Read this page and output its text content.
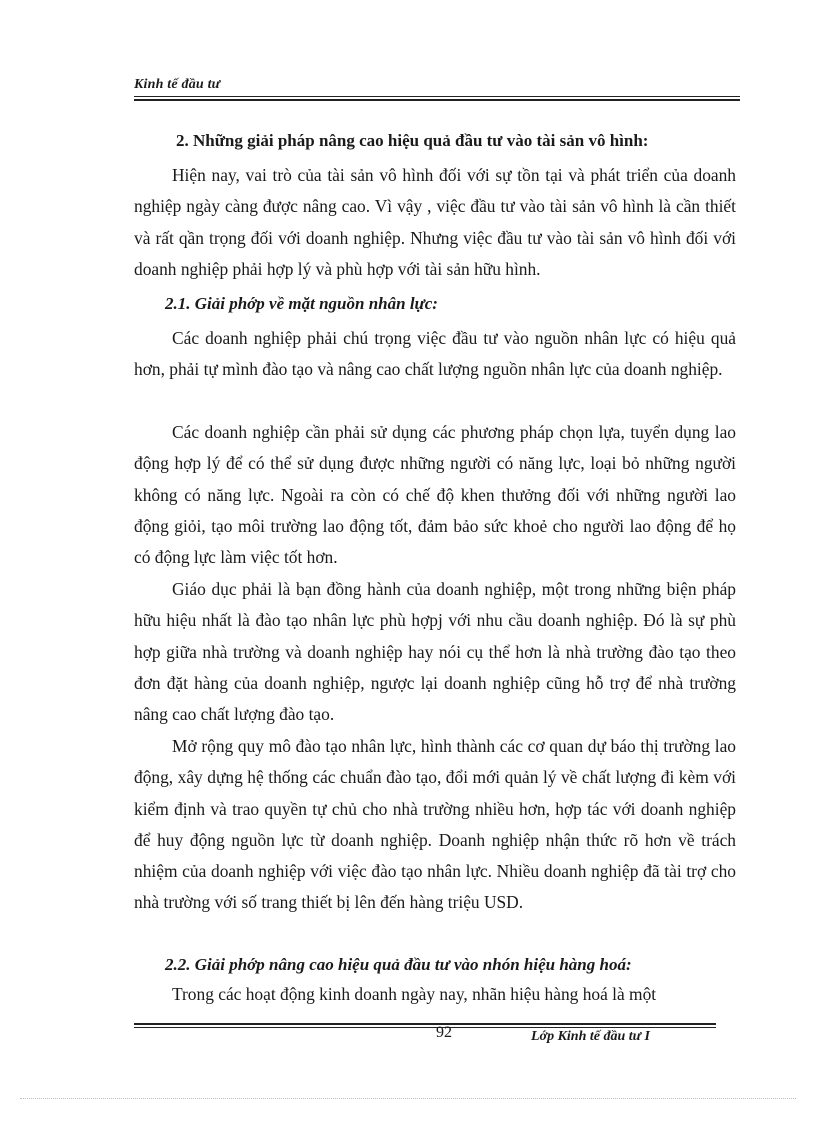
Kinh tế đầu tư
2. Những giải pháp nâng cao hiệu quả đầu tư vào tài sản vô hình:

Hiện nay, vai trò của tài sản vô hình đối với sự tồn tại và phát triển của doanh nghiệp ngày càng được nâng cao. Vì vậy , việc đầu tư vào tài sản vô hình là cần thiết và rất qần trọng đối với doanh nghiệp. Nhưng việc đầu tư vào tài sản vô hình đối với doanh nghiệp phải hợp lý và phù hợp với tài sản hữu hình.

2.1. Giải phớp về mặt nguồn nhân lực:

Các doanh nghiệp phải chú trọng việc đầu tư vào nguồn nhân lực có hiệu quả hơn, phải tự mình đào tạo và nâng cao chất lượng nguồn nhân lực của doanh nghiệp.

Các doanh nghiệp cần phải sử dụng các phương pháp chọn lựa, tuyển dụng lao động hợp lý để có thể sử dụng được những người có năng lực, loại bỏ những người không có năng lực. Ngoài ra còn có chế độ khen thưởng đối với những người lao động giỏi, tạo môi trường lao động tốt, đảm bảo sức khoẻ cho người lao động để họ có động lực làm việc tốt hơn.

Giáo dục phải là bạn đồng hành của doanh nghiệp, một trong những biện pháp hữu hiệu nhất là đào tạo nhân lực phù hợpj với nhu cầu doanh nghiệp. Đó là sự phù hợp giữa nhà trường và doanh nghiệp hay nói cụ thể hơn là nhà trường đào tạo theo đơn đặt hàng của doanh nghiệp, ngược lại doanh nghiệp cũng hỗ trợ để nhà trường nâng cao chất lượng đào tạo.

Mở rộng quy mô đào tạo nhân lực, hình thành các cơ quan dự báo thị trường lao động, xây dựng hệ thống các chuẩn đào tạo, đổi mới quản lý về chất lượng đi kèm với kiểm định và trao quyền tự chủ cho nhà trường nhiều hơn, hợp tác với doanh nghiệp để huy động nguồn lực từ doanh nghiệp. Doanh nghiệp nhận thức rõ hơn về trách nhiệm của doanh nghiệp với việc đào tạo nhân lực. Nhiều doanh nghiệp đã tài trợ cho nhà trường với số trang thiết bị lên đến hàng triệu USD.

2.2. Giải phớp nâng cao hiệu quả đầu tư vào nhón hiệu hàng hoá:

Trong các hoạt động kinh doanh ngày nay, nhãn hiệu hàng hoá là một

92	Lớp Kinh tế đầu tư I
